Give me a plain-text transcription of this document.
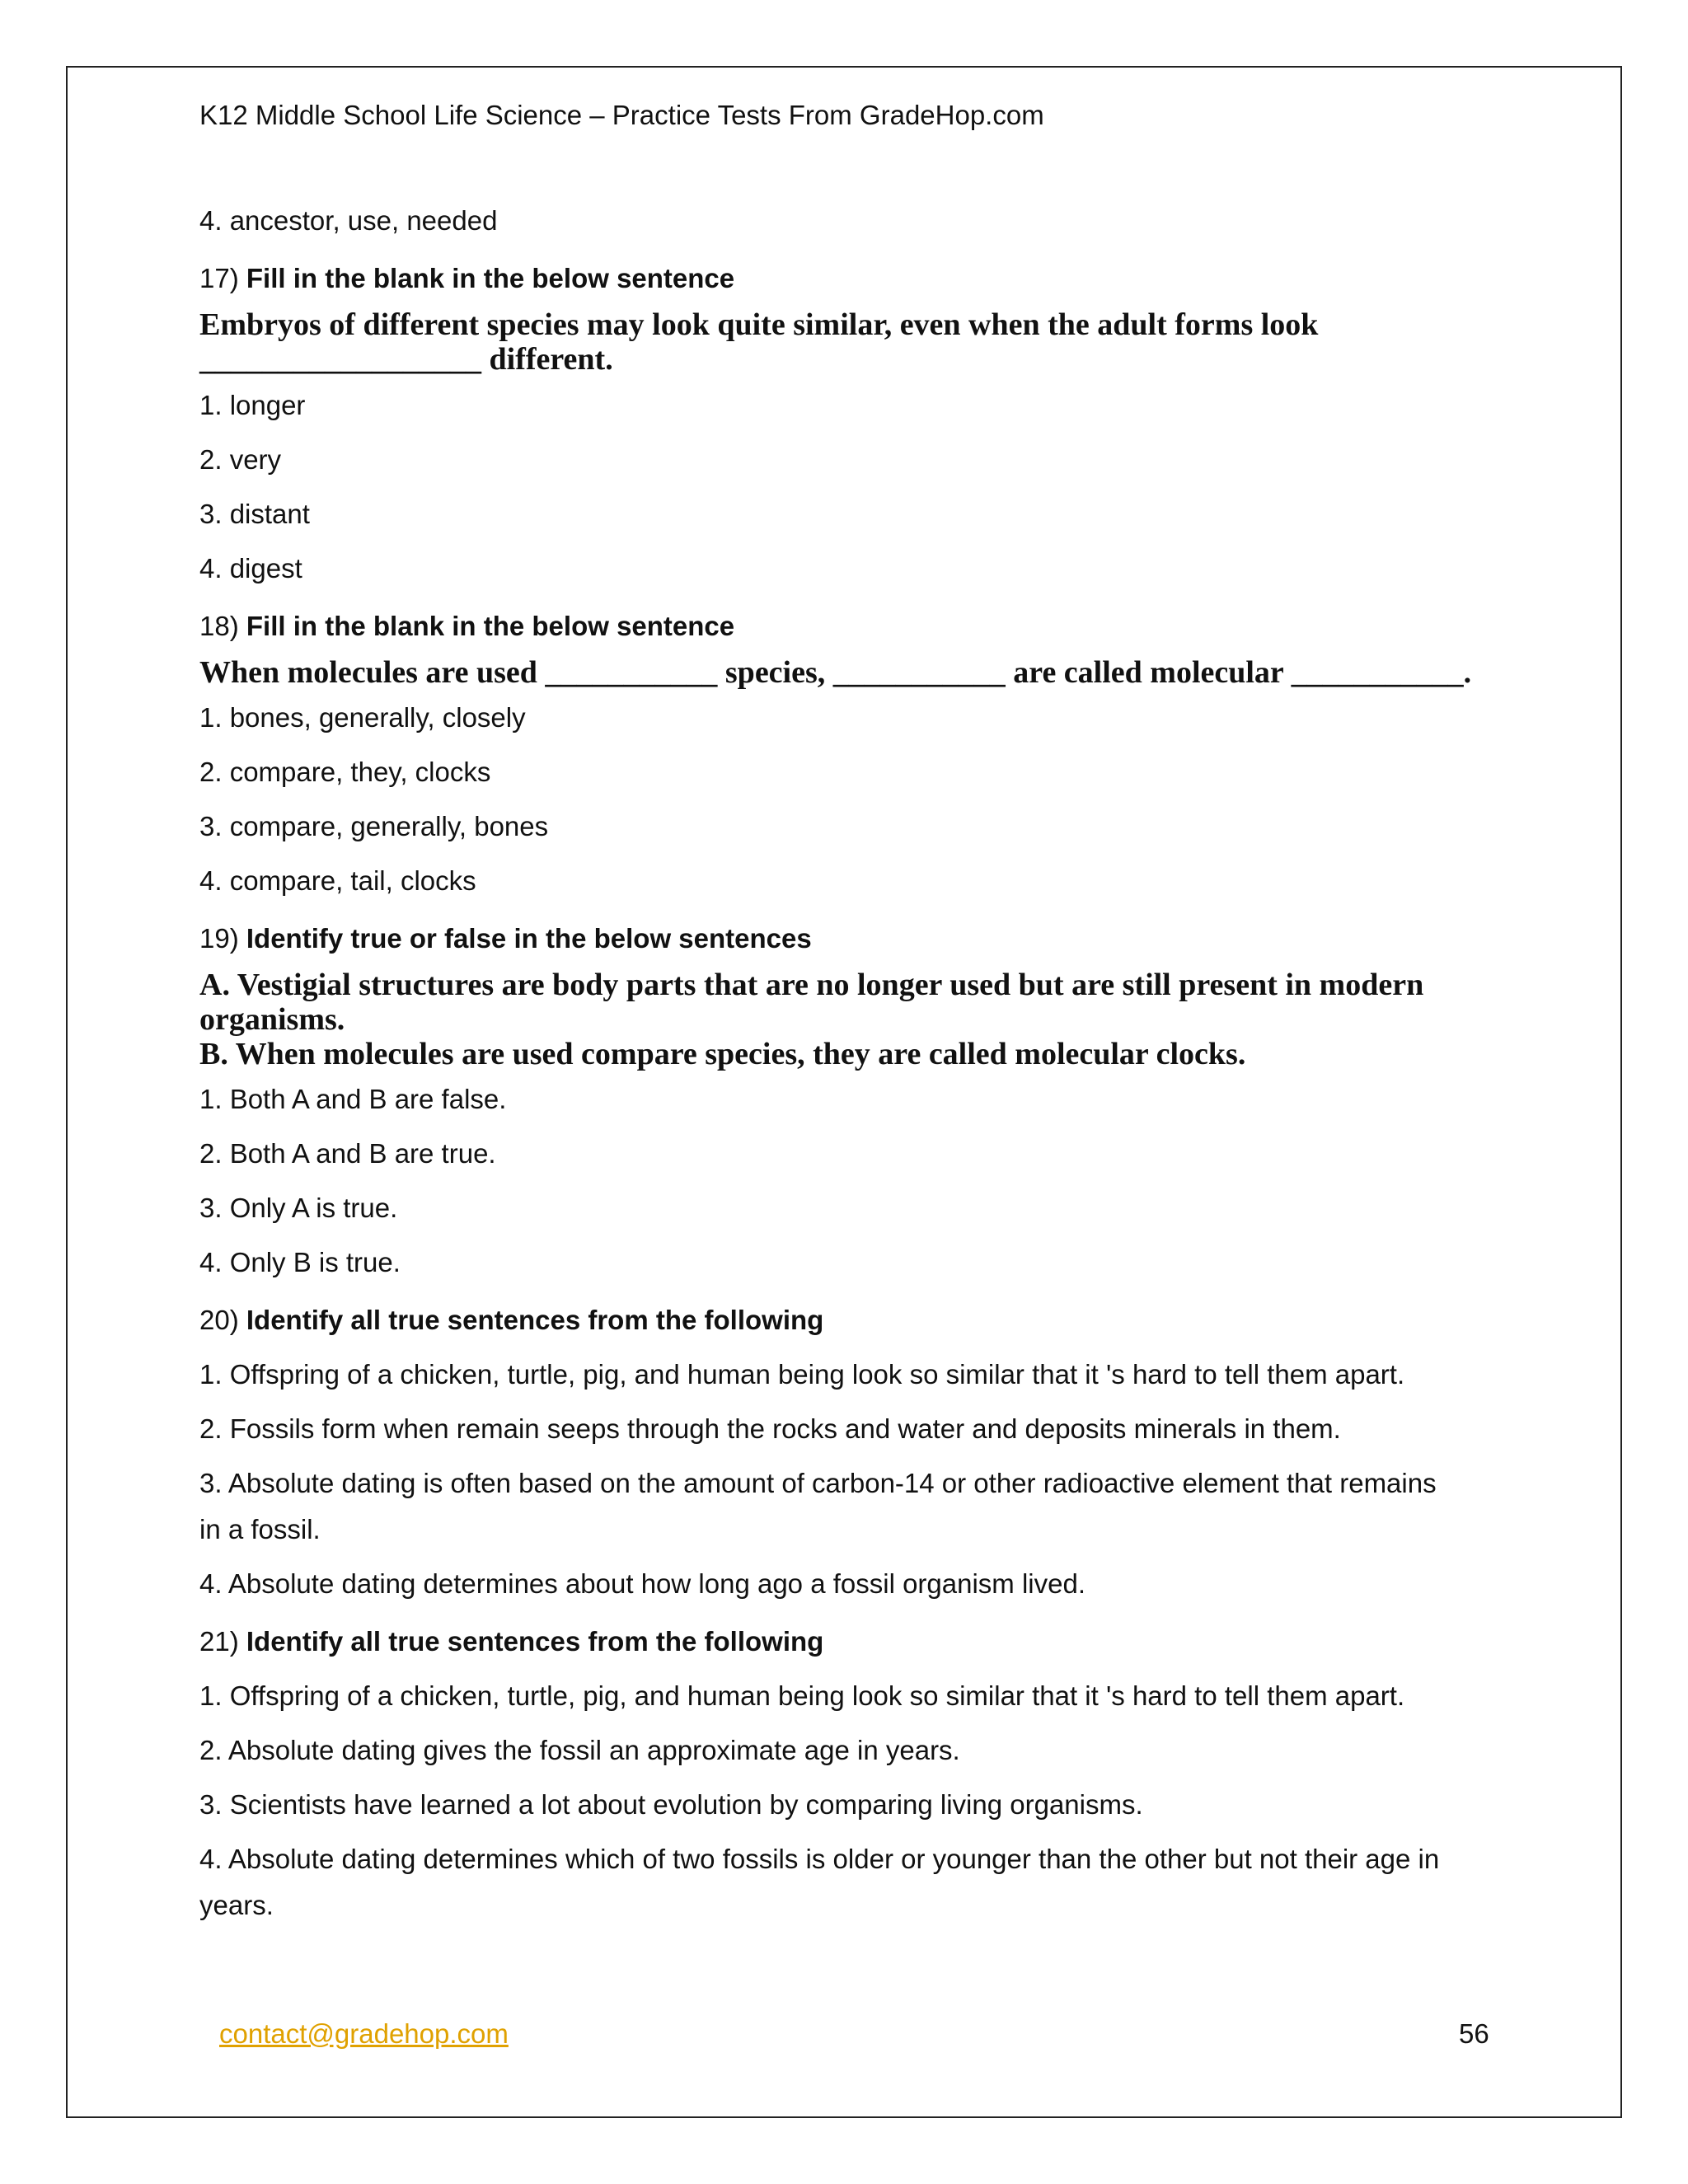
K12 Middle School Life Science – Practice Tests From GradeHop.com

4. ancestor, use, needed

17) Fill in the blank in the below sentence

Embryos of different species may look quite similar, even when the adult forms look

__________________ different.

1. longer

2. very

3. distant

4. digest

18) Fill in the blank in the below sentence

When molecules are used ___________ species, ___________ are called molecular ___________.

1. bones, generally, closely

2. compare, they, clocks

3. compare, generally, bones

4. compare, tail, clocks

19) Identify true or false in the below sentences

A. Vestigial structures are body parts that are no longer used but are still present in modern

organisms.

B. When molecules are used compare species, they are called molecular clocks.

1. Both A and B are false.

2. Both A and B are true.

3. Only A is true.

4. Only B is true.

20) Identify all true sentences from the following

1. Offspring of a chicken, turtle, pig, and human being look so similar that it 's hard to tell them apart.

2. Fossils form when remain seeps through the rocks and water and deposits minerals in them.

3. Absolute dating is often based on the amount of carbon-14 or other radioactive element that remains

in a fossil.

4. Absolute dating determines about how long ago a fossil organism lived.

21) Identify all true sentences from the following

1. Offspring of a chicken, turtle, pig, and human being look so similar that it 's hard to tell them apart.

2. Absolute dating gives the fossil an approximate age in years.

3. Scientists have learned a lot about evolution by comparing living organisms.

4. Absolute dating determines which of two fossils is older or younger than the other but not their age in

years.

contact@gradehop.com	56
